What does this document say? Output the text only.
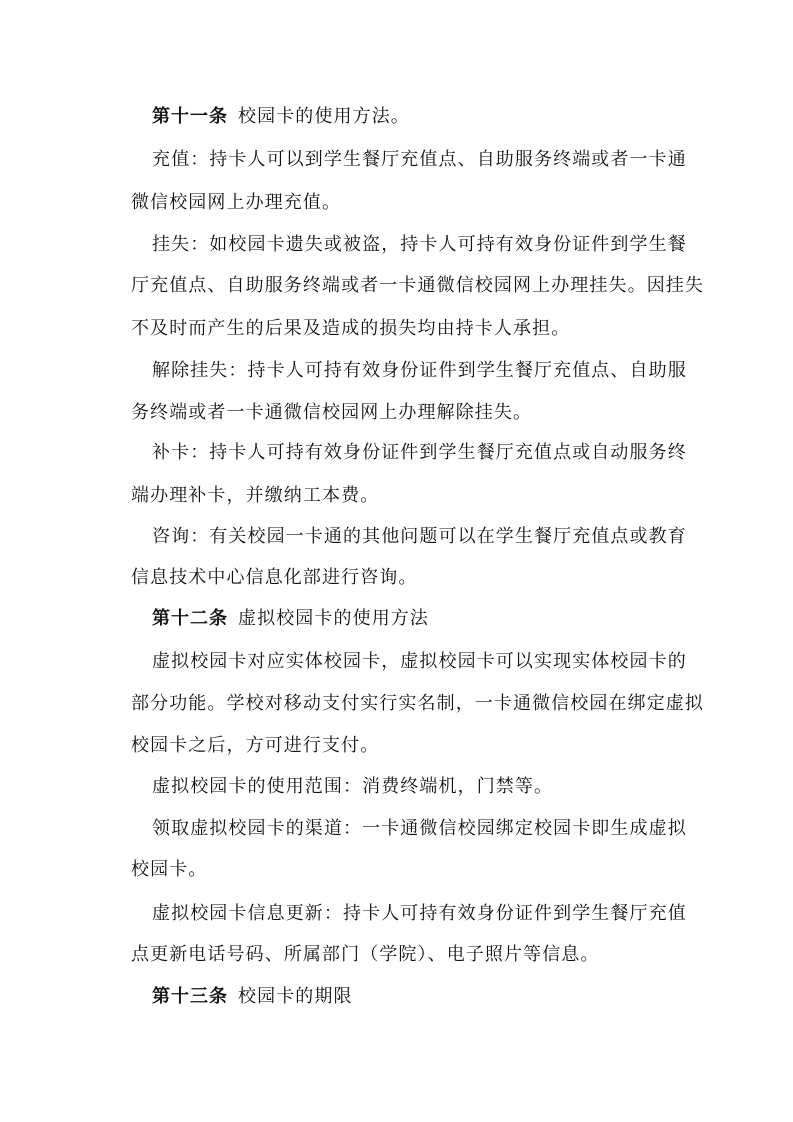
第十一条 校园卡的使用方法。
充值：持卡人可以到学生餐厅充值点、自助服务终端或者一卡通
微信校园网上办理充值。
挂失：如校园卡遗失或被盗，持卡人可持有效身份证件到学生餐
厅充值点、自助服务终端或者一卡通微信校园网上办理挂失。因挂失
不及时而产生的后果及造成的损失均由持卡人承担。
解除挂失：持卡人可持有效身份证件到学生餐厅充值点、自助服
务终端或者一卡通微信校园网上办理解除挂失。
补卡：持卡人可持有效身份证件到学生餐厅充值点或自动服务终
端办理补卡，并缴纳工本费。
咨询：有关校园一卡通的其他问题可以在学生餐厅充值点或教育
信息技术中心信息化部进行咨询。
第十二条 虚拟校园卡的使用方法
虚拟校园卡对应实体校园卡，虚拟校园卡可以实现实体校园卡的
部分功能。学校对移动支付实行实名制，一卡通微信校园在绑定虚拟
校园卡之后，方可进行支付。
虚拟校园卡的使用范围：消费终端机，门禁等。
领取虚拟校园卡的渠道：一卡通微信校园绑定校园卡即生成虚拟
校园卡。
虚拟校园卡信息更新：持卡人可持有效身份证件到学生餐厅充值
点更新电话号码、所属部门（学院）、电子照片等信息。
第十三条 校园卡的期限
